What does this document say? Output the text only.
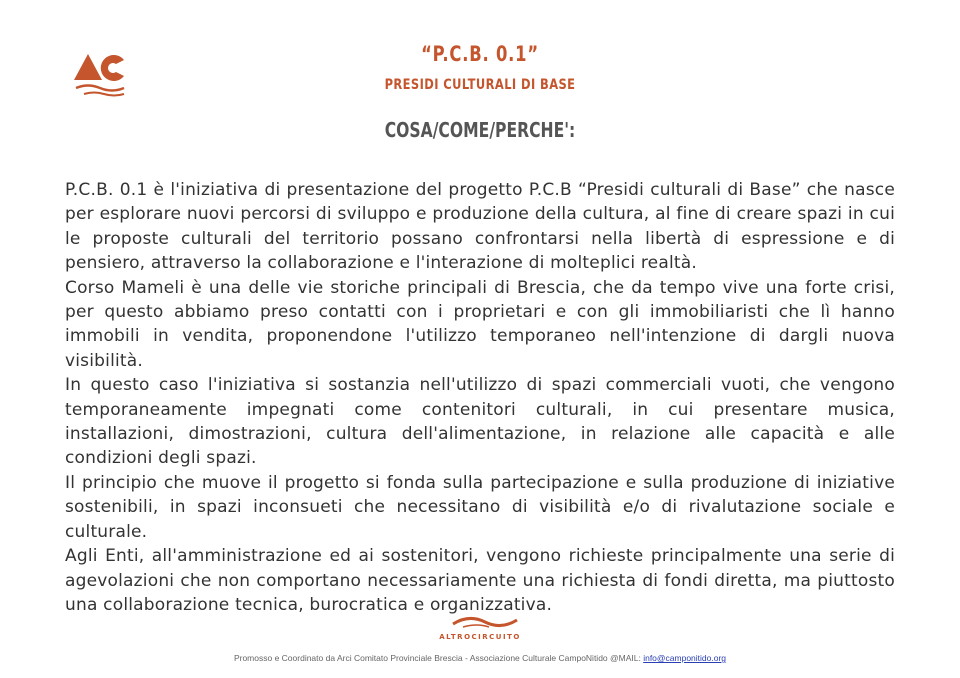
“P.C.B. 0.1”
PRESIDI CULTURALI DI BASE
COSA/COME/PERCHE':

P.C.B. 0.1 è l'iniziativa di presentazione del progetto P.C.B “Presidi culturali di Base” che nasce per esplorare nuovi percorsi di sviluppo e produzione della cultura, al fine di creare spazi in cui le proposte culturali del territorio possano confrontarsi nella libertà di espressione e di pensiero, attraverso la collaborazione e l'interazione di molteplici realtà.

Corso Mameli è una delle vie storiche principali di Brescia, che da tempo vive una forte crisi, per questo abbiamo preso contatti con i proprietari e con gli immobiliaristi che lì hanno immobili in vendita, proponendone l'utilizzo temporaneo nell'intenzione di dargli nuova visibilità.

In questo caso l'iniziativa si sostanzia nell'utilizzo di spazi commerciali vuoti, che vengono temporaneamente impegnati come contenitori culturali, in cui presentare musica, installazioni, dimostrazioni, cultura dell'alimentazione, in relazione alle capacità e alle condizioni degli spazi.

Il principio che muove il progetto si fonda sulla partecipazione e sulla produzione di iniziative sostenibili, in spazi inconsueti che necessitano di visibilità e/o di rivalutazione sociale e culturale.

Agli Enti, all'amministrazione ed ai sostenitori, vengono richieste principalmente una serie di agevolazioni che non comportano necessariamente una richiesta di fondi diretta, ma piuttosto una collaborazione tecnica, burocratica e organizzativa.

ALTROCIRCUITO
Promosso e Coordinato da Arci Comitato Provinciale Brescia - Associazione Culturale CampoNitido @MAIL: info@camponitido.org
